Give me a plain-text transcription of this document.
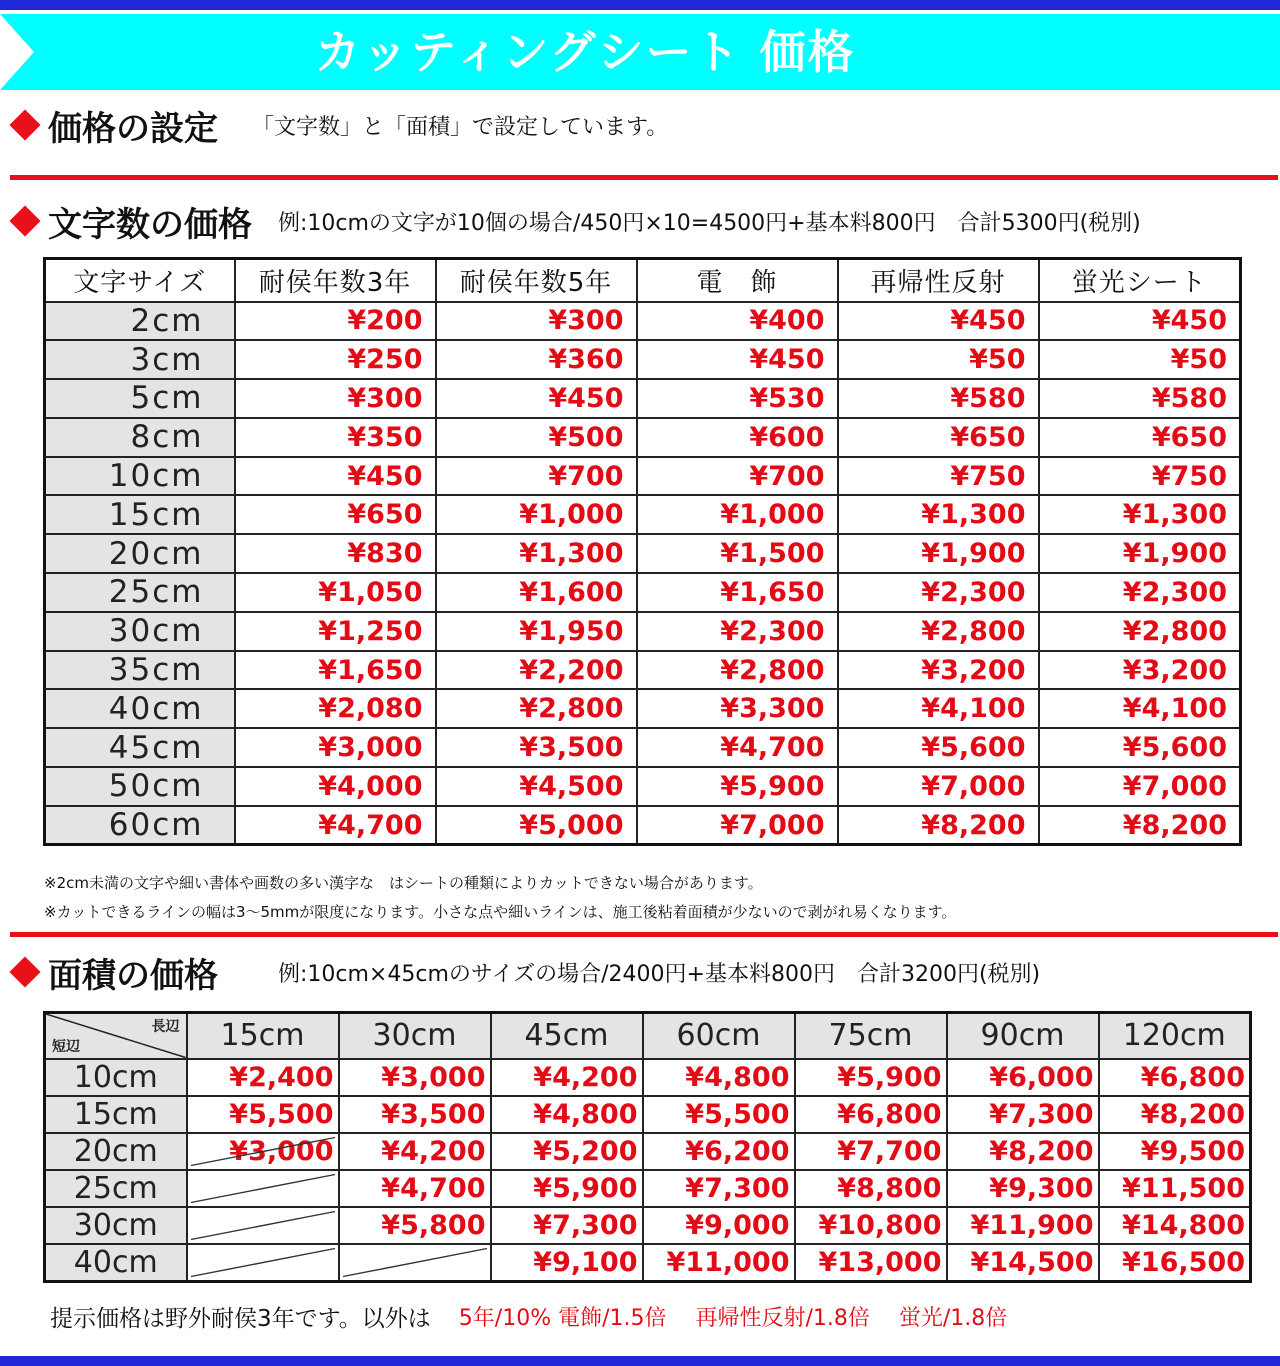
カッティングシート 価格
価格の設定 「文字数」と「面積」で設定しています。
文字数の価格 例:10cmの文字が10個の場合/450円×10=4500円+基本料800円　合計5300円(税別)
文字サイズ	耐侯年数3年	耐侯年数5年	電　飾	再帰性反射	蛍光シート
2cm	¥200	¥300	¥400	¥450	¥450
3cm	¥250	¥360	¥450	¥50	¥50
5cm	¥300	¥450	¥530	¥580	¥580
8cm	¥350	¥500	¥600	¥650	¥650
10cm	¥450	¥700	¥700	¥750	¥750
15cm	¥650	¥1,000	¥1,000	¥1,300	¥1,300
20cm	¥830	¥1,300	¥1,500	¥1,900	¥1,900
25cm	¥1,050	¥1,600	¥1,650	¥2,300	¥2,300
30cm	¥1,250	¥1,950	¥2,300	¥2,800	¥2,800
35cm	¥1,650	¥2,200	¥2,800	¥3,200	¥3,200
40cm	¥2,080	¥2,800	¥3,300	¥4,100	¥4,100
45cm	¥3,000	¥3,500	¥4,700	¥5,600	¥5,600
50cm	¥4,000	¥4,500	¥5,900	¥7,000	¥7,000
60cm	¥4,700	¥5,000	¥7,000	¥8,200	¥8,200
※2cm未満の文字や細い書体や画数の多い漢字な　はシートの種類によりカットできない場合があります。
※カットできるラインの幅は3～5mmが限度になります。小さな点や細いラインは、施工後粘着面積が少ないので剥がれ易くなります。
面積の価格	例:10cm×45cmのサイズの場合/2400円+基本料800円　合計3200円(税別)
長辺
短辺	15cm	30cm	45cm	60cm	75cm	90cm	120cm
10cm	¥2,400	¥3,000	¥4,200	¥4,800	¥5,900	¥6,000	¥6,800
15cm	¥5,500	¥3,500	¥4,800	¥5,500	¥6,800	¥7,300	¥8,200
20cm	¥3,000	¥4,200	¥5,200	¥6,200	¥7,700	¥8,200	¥9,500
25cm		¥4,700	¥5,900	¥7,300	¥8,800	¥9,300	¥11,500
30cm		¥5,800	¥7,300	¥9,000	¥10,800	¥11,900	¥14,800
40cm			¥9,100	¥11,000	¥13,000	¥14,500	¥16,500
提示価格は野外耐侯3年です。以外は 5年/10% 電飾/1.5倍　 再帰性反射/1.8倍　 蛍光/1.8倍
